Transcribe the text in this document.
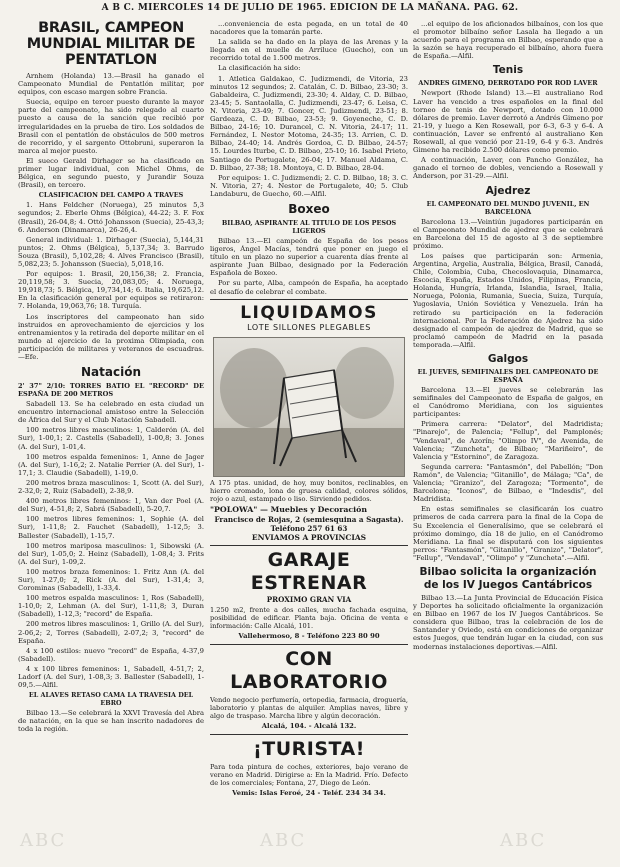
A B C. MIERCOLES 14 DE JULIO DE 1965. EDICION DE LA MAÑANA. PAG. 62.
BRASIL, CAMPEON MUNDIAL MILITAR DE PENTATLON

Arnhem (Holanda) 13.—Brasil ha ganado el Campeonato Mundial de Pentatlón militar, por equipos, con escaso margen sobre Francia.

Suecia, equipo en tercer puesto durante la mayor parte del campeonato, ha sido relegado al cuarto puesto a causa de la sanción que recibió por irregularidades en la prueba de tiro. Los soldados de Brasil con el pentatlón de obstáculos de 500 metros de recorrido, y el sargento Ottobruni, superaron la marca al mejor puesto.

El sueco Gerald Dirhager se ha clasificado en primer lugar individual, con Michel Ohms, de Bélgica, en segundo puesto, y Jurandir Souza (Brasil), en tercero.

CLASIFICACION DEL CAMPO A TRAVES

1. Hans Feldcher (Noruega), 25 minutos 5,3 segundos; 2. Eberle Ohms (Bélgica), 44-22; 3. F. Fox (Brasil), 26-04,8; 4. Ottó Johansson (Suecia), 25-43,3; 6. Anderson (Dinamarca), 26-26,4.

General individual: 1. Dirhager (Suecia), 5,144,31 puntos; 2. Ohms (Bélgica), 5,137,34; 3. Barrudo Souza (Brasil), 5,102,28; 4. Alves Francisco (Brasil), 5,082,23; 5. Johansson (Suecia), 5,018,16.

Por equipos: 1. Brasil, 20,156,38; 2. Francia, 20,119,58; 3. Suecia, 20,083,05; 4. Noruega, 19,918,73; 5. Bélgica, 19,734,14; 6. Italia, 19,625,12. En la clasificación general por equipos se retiraron: 7. Holanda, 19,063,76; 18. Turquía.

Los inscriptores del campeonato han sido instruidos en aprovechamiento de ejercicios y los entrenamientos y la retirada del deporte militar en el mundo al ejercicio de la proxima Olimpiada, con participación de militares y veteranos de escuadras.—Efe.

Natación
2' 37" 2/10: TORRES BATIO EL "RECORD" DE ESPAÑA DE 200 METROS

Sabadell 13. Se ha celebrado en esta ciudad un encuentro internacional amistoso entre la Selección de África del Sur y el Club Natación Sabadell.

100 metros libres masculinos: 1, Calderón (A. del Sur), 1-00,1; 2. Castells (Sabadell), 1-00,8; 3. Jones (A. del Sur), 1-01,4.

100 metros espalda femeninos: 1, Anne de Jager (A. del Sur), 1-16,2; 2. Natalie Perrier (A. del Sur), 1-17,1; 3. Claudie (Sabadell), 1-19,0.

200 metros braza masculinos: 1, Scott (A. del Sur), 2-32,0; 2, Ruiz (Sabadell), 2-38,9.

400 metros libres femeninos: 1, Van der Poel (A. del Sur), 4-51,8; 2, Sabrá (Sabadell), 5-20,7.

100 metros libres femeninos: 1, Sophie (A. del Sur), 1-11,8; 2. Fauchet (Sabadell), 1-12,5; 3. Ballester (Sabadell), 1-15,7.

100 metros mariposa masculinos: 1, Sibowski (A. del Sur), 1-05,0; 2. Heinz (Sabadell), 1-08,4; 3. Frits (A. del Sur), 1-09,2.

100 metros braza femeninos: 1. Fritz Ann (A. del Sur), 1-27,0; 2, Rick (A. del Sur), 1-31,4; 3, Corominas (Sabadell), 1-33,4.

100 metros espalda masculinos: 1, Ros (Sabadell), 1-10,0; 2, Lehman (A. del Sur), 1-11,8; 3, Duran (Sabadell), 1-12,3; "record" de España.

200 metros libres masculinos: 1, Grillo (A. del Sur), 2-06,2; 2, Torres (Sabadell), 2-07,2; 3, "record" de España.

4 x 100 estilos: nuevo "record" de España, 4-37,9 (Sabadell).

4 x 100 libres femeninos: 1, Sabadell, 4-51,7; 2, Ladorf (A. del Sur), 1-08,3; 3. Ballester (Sabadell), 1-09,5.—Alfil.

EL ALAVES RETASO CAMA LA TRAVESIA DEL EBRO

Bilbao 13.—Se celebrará la XXVI Travesía del Abra de natación, en la que se han inscrito nadadores de toda la región.

...conveniencia de esta pegada, en un total de 40 nacadores que la tomarán parte.

La salida se ha dado en la playa de las Arenas y la llegada en el muelle de Arriluce (Guecho), con un recorrido total de 1.500 metros.

La clasificación ha sido:

1. Atletica Galdakao, C. Judizmendi, de Vitoria, 23 minutos 12 segundos; 2. Catalán, C. D. Bilbao, 23-30; 3. Gabaldeira, C. Judizmendi, 23-30; 4. Alday, C. D. Bilbao, 23-45; 5. Santaolalla, C. Judizmendi, 23-47; 6. Leisa, C. N. Vitoria, 23-49; 7. Goncer, C. Judizmendi, 23-51; 8. Gardeaza, C. D. Bilbao, 23-53; 9. Goyeneche, C. D. Bilbao, 24-16; 10. Durancel, C. N. Vitoria, 24-17; 11. Fernández, I. Nestor Motoma, 24-35; 13. Arrien, C. D. Bilbao, 24-40; 14. Andrés Gordoa, C. D. Bilbao, 24-57; 15. Lourdes Iturbe, C. D. Bilbao, 25-10; 16. Isabel Prieto, Santiago de Portugalete, 26-04; 17. Manuel Aldama, C. D. Bilbao, 27-38; 18. Montoya, C. D. Bilbao, 28-04.

Por equipos: 1. C. Judizmendi; 2. C. D. Bilbao, 18; 3. C. N. Vitoria, 27; 4. Nestor de Portugalete, 40; 5. Club Landaburu, de Guecho, 60.—Alfil.

Boxeo
BILBAO, ASPIRANTE AL TITULO DE LOS PESOS LIGEROS

Bilbao 13.—El campeón de España de los pesos ligeros, Ángel Macías, tendrá que poner en juego el título en un plazo no superior a cuarenta días frente al aspirante Juan Bilbao, designado por la Federación Española de Boxeo.

Por su parte, Alba, campeón de España, ha aceptado el desafío de celebrar el combate.

LIQUIDAMOS
LOTE SILLONES PLEGABLES
A 175 ptas. unidad, de hoy, muy bonitos, reclinables, en hierro cromado, lona de gruesa calidad, colores sólidos, rojo o azul, estampado o liso. Sirviendo pedidos.
"POLOWA" — Muebles y Decoración
Francisco de Rojas, 2 (semiesquina a Sagasta). Teléfono 257 61 63
ENVIAMOS A PROVINCIAS
GARAJE ESTRENAR
PROXIMO GRAN VIA
1.250 m2, frente a dos calles, mucha fachada esquina, posibilidad de edificar. Planta baja. Oficina de venta e información: Calle Alcalá, 101.
Vallehermoso, 8 - Teléfono 223 80 90
CON LABORATORIO
Vendo negocio perfumería, ortopedia, farmacia, droguería, laboratorio y plantas de alquiler. Amplias naves, libre y algo de traspaso. Marcha libre y algún decoración.
Alcalá, 104. - Alcalá 132.
¡TURISTA!
Para toda pintura de coches, exteriores, bajo verano de verano en Madrid. Dirigirse a: En la Madrid. Frío. Defecto de los comerciales; Fontana, 27, Diego de León.
Vemis: Islas Feroé, 24 - Teléf. 234 34 34.

...el equipo de los aficionados bilbaínos, con los que el promotor bilbaíno señor Lasala ha llegado a un acuerdo para el programa en Bilbao, esperando que a la sazón se haya recuperado el bilbaíno, ahora fuera de España.—Alfil.

Tenis
ANDRES GIMENO, DERROTADO POR ROD LAVER

Newport (Rhode Island) 13.—El australiano Rod Laver ha vencido a tres españoles en la final del torneo de tenis de Newport, dotado con 10.000 dólares de premio. Laver derrotó a Andrés Gimeno por 21-19, y luego a Ken Rosewall, por 6-3, 6-3 y 6-4. A continuación, Laver se enfrentó al australiano Ken Rosewall, al que venció por 21-19, 6-4 y 6-3. Andrés Gimeno ha recibido 2.500 dólares como premio.

A continuación, Laver, con Pancho González, ha ganado el torneo de dobles, venciendo a Rosewall y Anderson, por 31-29.—Alfil.

Ajedrez
EL CAMPEONATO DEL MUNDO JUVENIL, EN BARCELONA

Barcelona 13.—Veintiún jugadores participarán en el Campeonato Mundial de ajedrez que se celebrará en Barcelona del 15 de agosto al 3 de septiembre próximo.

Los países que participarán son: Armenia, Argentina, Argelia, Australia, Bélgica, Brasil, Canadá, Chile, Colombia, Cuba, Checoslovaquia, Dinamarca, Escocia, España, Estados Unidos, Filipinas, Francia, Holanda, Hungría, Irlanda, Islandia, Israel, Italia, Noruega, Polonia, Rumania, Suecia, Suiza, Turquía, Yugoslavia, Unión Soviética y Venezuela. Irán ha retirado su participación en la federación internacional. Por la Federación de Ajedrez ha sido designado el campeón de ajedrez de Madrid, que se proclamó campeón de Madrid en la pasada temporada.—Alfil.

Galgos
EL JUEVES, SEMIFINALES DEL CAMPEONATO DE ESPAÑA

Barcelona 13.—El jueves se celebrarán las semifinales del Campeonato de España de galgos, en el Canódromo Meridiana, con los siguientes participantes:

Primera carrera: "Delator", del Madridista; "Pinarejo", de Palencia; "Fellup", del Pamplonés; "Vendaval", de Azorín; "Olimpo IV", de Avenida, de Valencia; "Zuncheta", de Bilbao; "Mariñeiro", de Valencia y "Estornino", de Zaragoza.

Segunda carrera: "Fantasmón", del Pabellón; "Don Ramón", de Valencia; "Gitanillo", de Málaga; "Ca", de Valencia; "Granizo", del Zaragoza; "Tormento", de Barcelona; "Iconos", de Bilbao, e "Indesdis", del Madridista.

En estas semifinales se clasificarán los cuatro primeros de cada carrera para la final de la Copa de Su Excelencia el Generalísimo, que se celebrará el próximo domingo, día 18 de julio, en el Canódromo Meridiana. La final se disputará con los siguientes perros: "Fantasmón", "Gitanillo", "Granizo", "Delator", "Fellup", "Vendaval", "Olimpo" y "Zuncheta".—Alfil.

Bilbao solicita la organización de los IV Juegos Cantábricos

Bilbao 13.—La Junta Provincial de Educación Física y Deportes ha solicitado oficialmente la organización en Bilbao en 1967 de los IV Juegos Cantábricos. Se considera que Bilbao, tras la celebración de los de Santander y Oviedo, está en condiciones de organizar estos Juegos, que tendrán lugar en la ciudad, con sus modernas instalaciones deportivas.—Alfil.

ABC	ABC	ABC
